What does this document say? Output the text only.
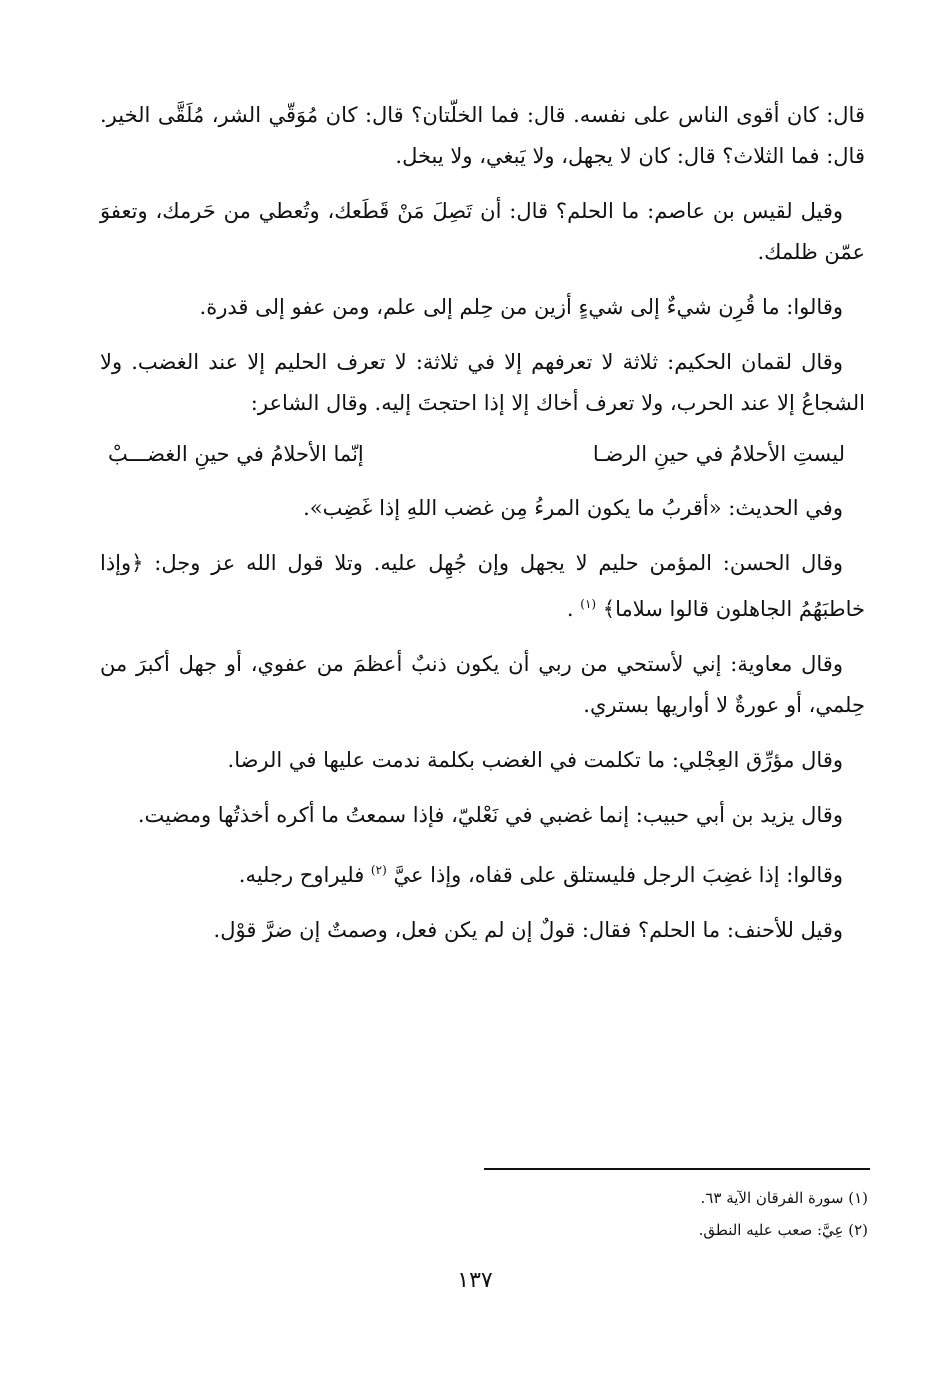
قال: كان أقوى الناس على نفسه. قال: فما الخلّتان؟ قال: كان مُوَقّي الشر، مُلَقَّى الخير. قال: فما الثلاث؟ قال: كان لا يجهل، ولا يَبغي، ولا يبخل.

وقيل لقيس بن عاصم: ما الحلم؟ قال: أن تَصِلَ مَنْ قَطَعك، وتُعطي من حَرمك، وتعفوَ عمّن ظلمك.

وقالوا: ما قُرِن شيءٌ إلى شيءٍ أزين من حِلم إلى علم، ومن عفو إلى قدرة.

وقال لقمان الحكيم: ثلاثة لا تعرفهم إلا في ثلاثة: لا تعرف الحليم إلا عند الغضب. ولا الشجاعُ إلا عند الحرب، ولا تعرف أخاك إلا إذا احتجتَ إليه. وقال الشاعر:

ليستِ الأحلامُ في حينِ الرضـا
إنّما الأحلامُ في حينِ الغضـــبْ

وفي الحديث: «أقربُ ما يكون المرءُ مِن غضب اللهِ إذا غَضِب».

وقال الحسن: المؤمن حليم لا يجهل وإن جُهِل عليه. وتلا قول الله عز وجل: ﴿وإذا خاطبَهُمُ الجاهلون قالوا سلاما﴾ $^{(١)}$ .

وقال معاوية: إني لأستحي من ربي أن يكون ذنبٌ أعظمَ من عفوي، أو جهل أكبرَ من حِلمي، أو عورةٌ لا أواريها بستري.

وقال مؤرِّق العِجْلي: ما تكلمت في الغضب بكلمة ندمت عليها في الرضا.

وقال يزيد بن أبي حبيب: إنما غضبي في نَعْليّ، فإذا سمعتُ ما أكره أخذتُها ومضيت.

وقالوا: إذا غضِبَ الرجل فليستلق على قفاه، وإذا عيَّ $^{(٢)}$ فليراوح رجليه.

وقيل للأحنف: ما الحلم؟ فقال: قولٌ إن لم يكن فعل، وصمتٌ إن ضرَّ قوْل.

(١) سورة الفرقان الآية ٦٣.

(٢) عِيَّ: صعب عليه النطق.

١٣٧
